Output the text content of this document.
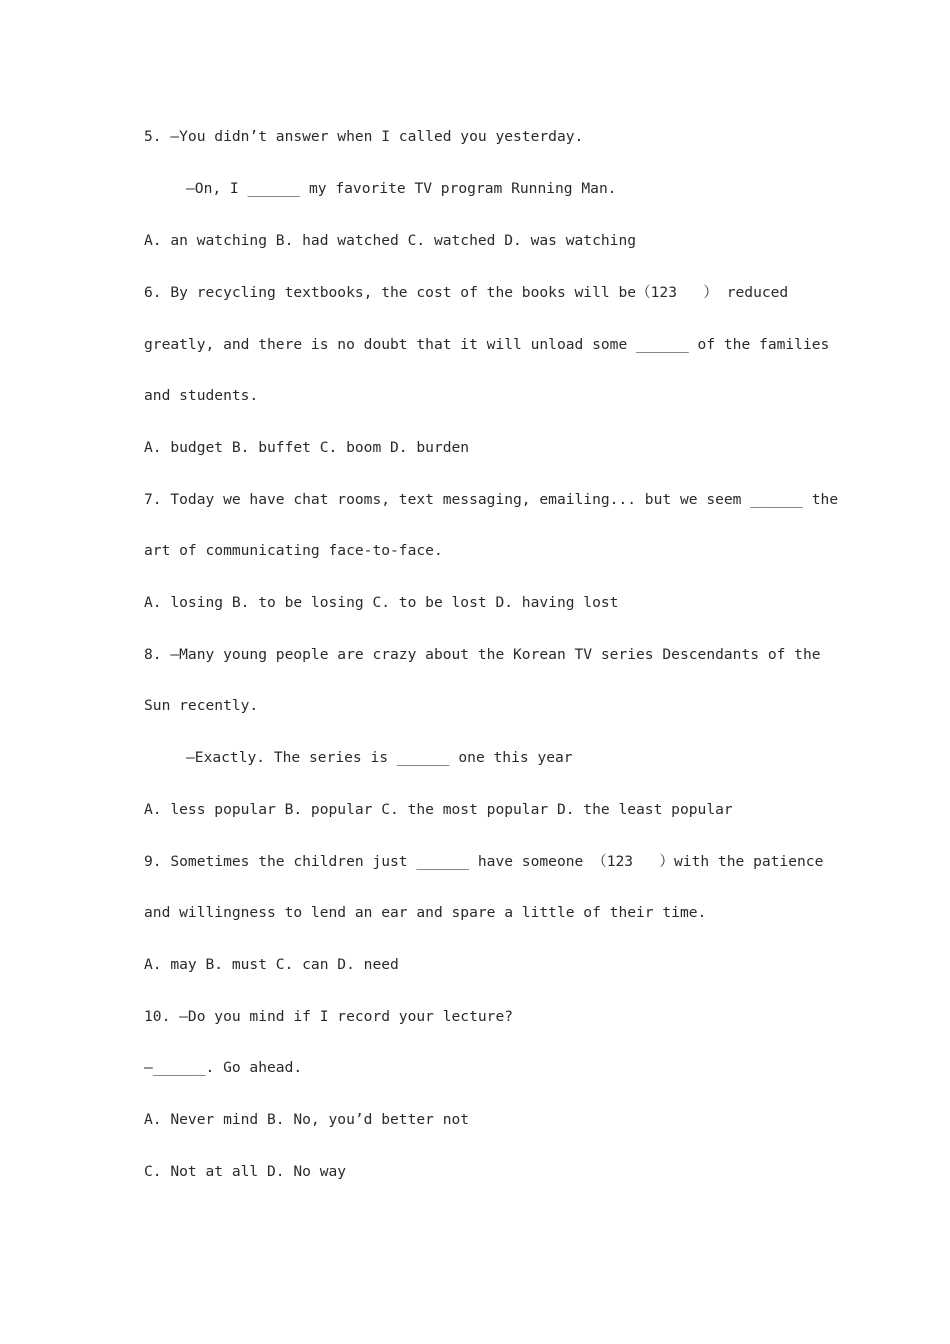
5. —You didn’t answer when I called you yesterday.
—On, I ______ my favorite TV program Running Man.
A. an watching B. had watched C. watched D. was watching
6. By recycling textbooks, the cost of the books will be（123   ） reduced
greatly, and there is no doubt that it will unload some ______ of the families
and students.
A. budget B. buffet C. boom D. burden
7. Today we have chat rooms, text messaging, emailing... but we seem ______ the
art of communicating face-to-face.
A. losing B. to be losing C. to be lost D. having lost
8. —Many young people are crazy about the Korean TV series Descendants of the
Sun recently.
—Exactly. The series is ______ one this year
A. less popular B. popular C. the most popular D. the least popular
9. Sometimes the children just ______ have someone （123   ）with the patience
and willingness to lend an ear and spare a little of their time.
A. may B. must C. can D. need
10. —Do you mind if I record your lecture?
—______. Go ahead.
A. Never mind B. No, you’d better not
C. Not at all D. No way
